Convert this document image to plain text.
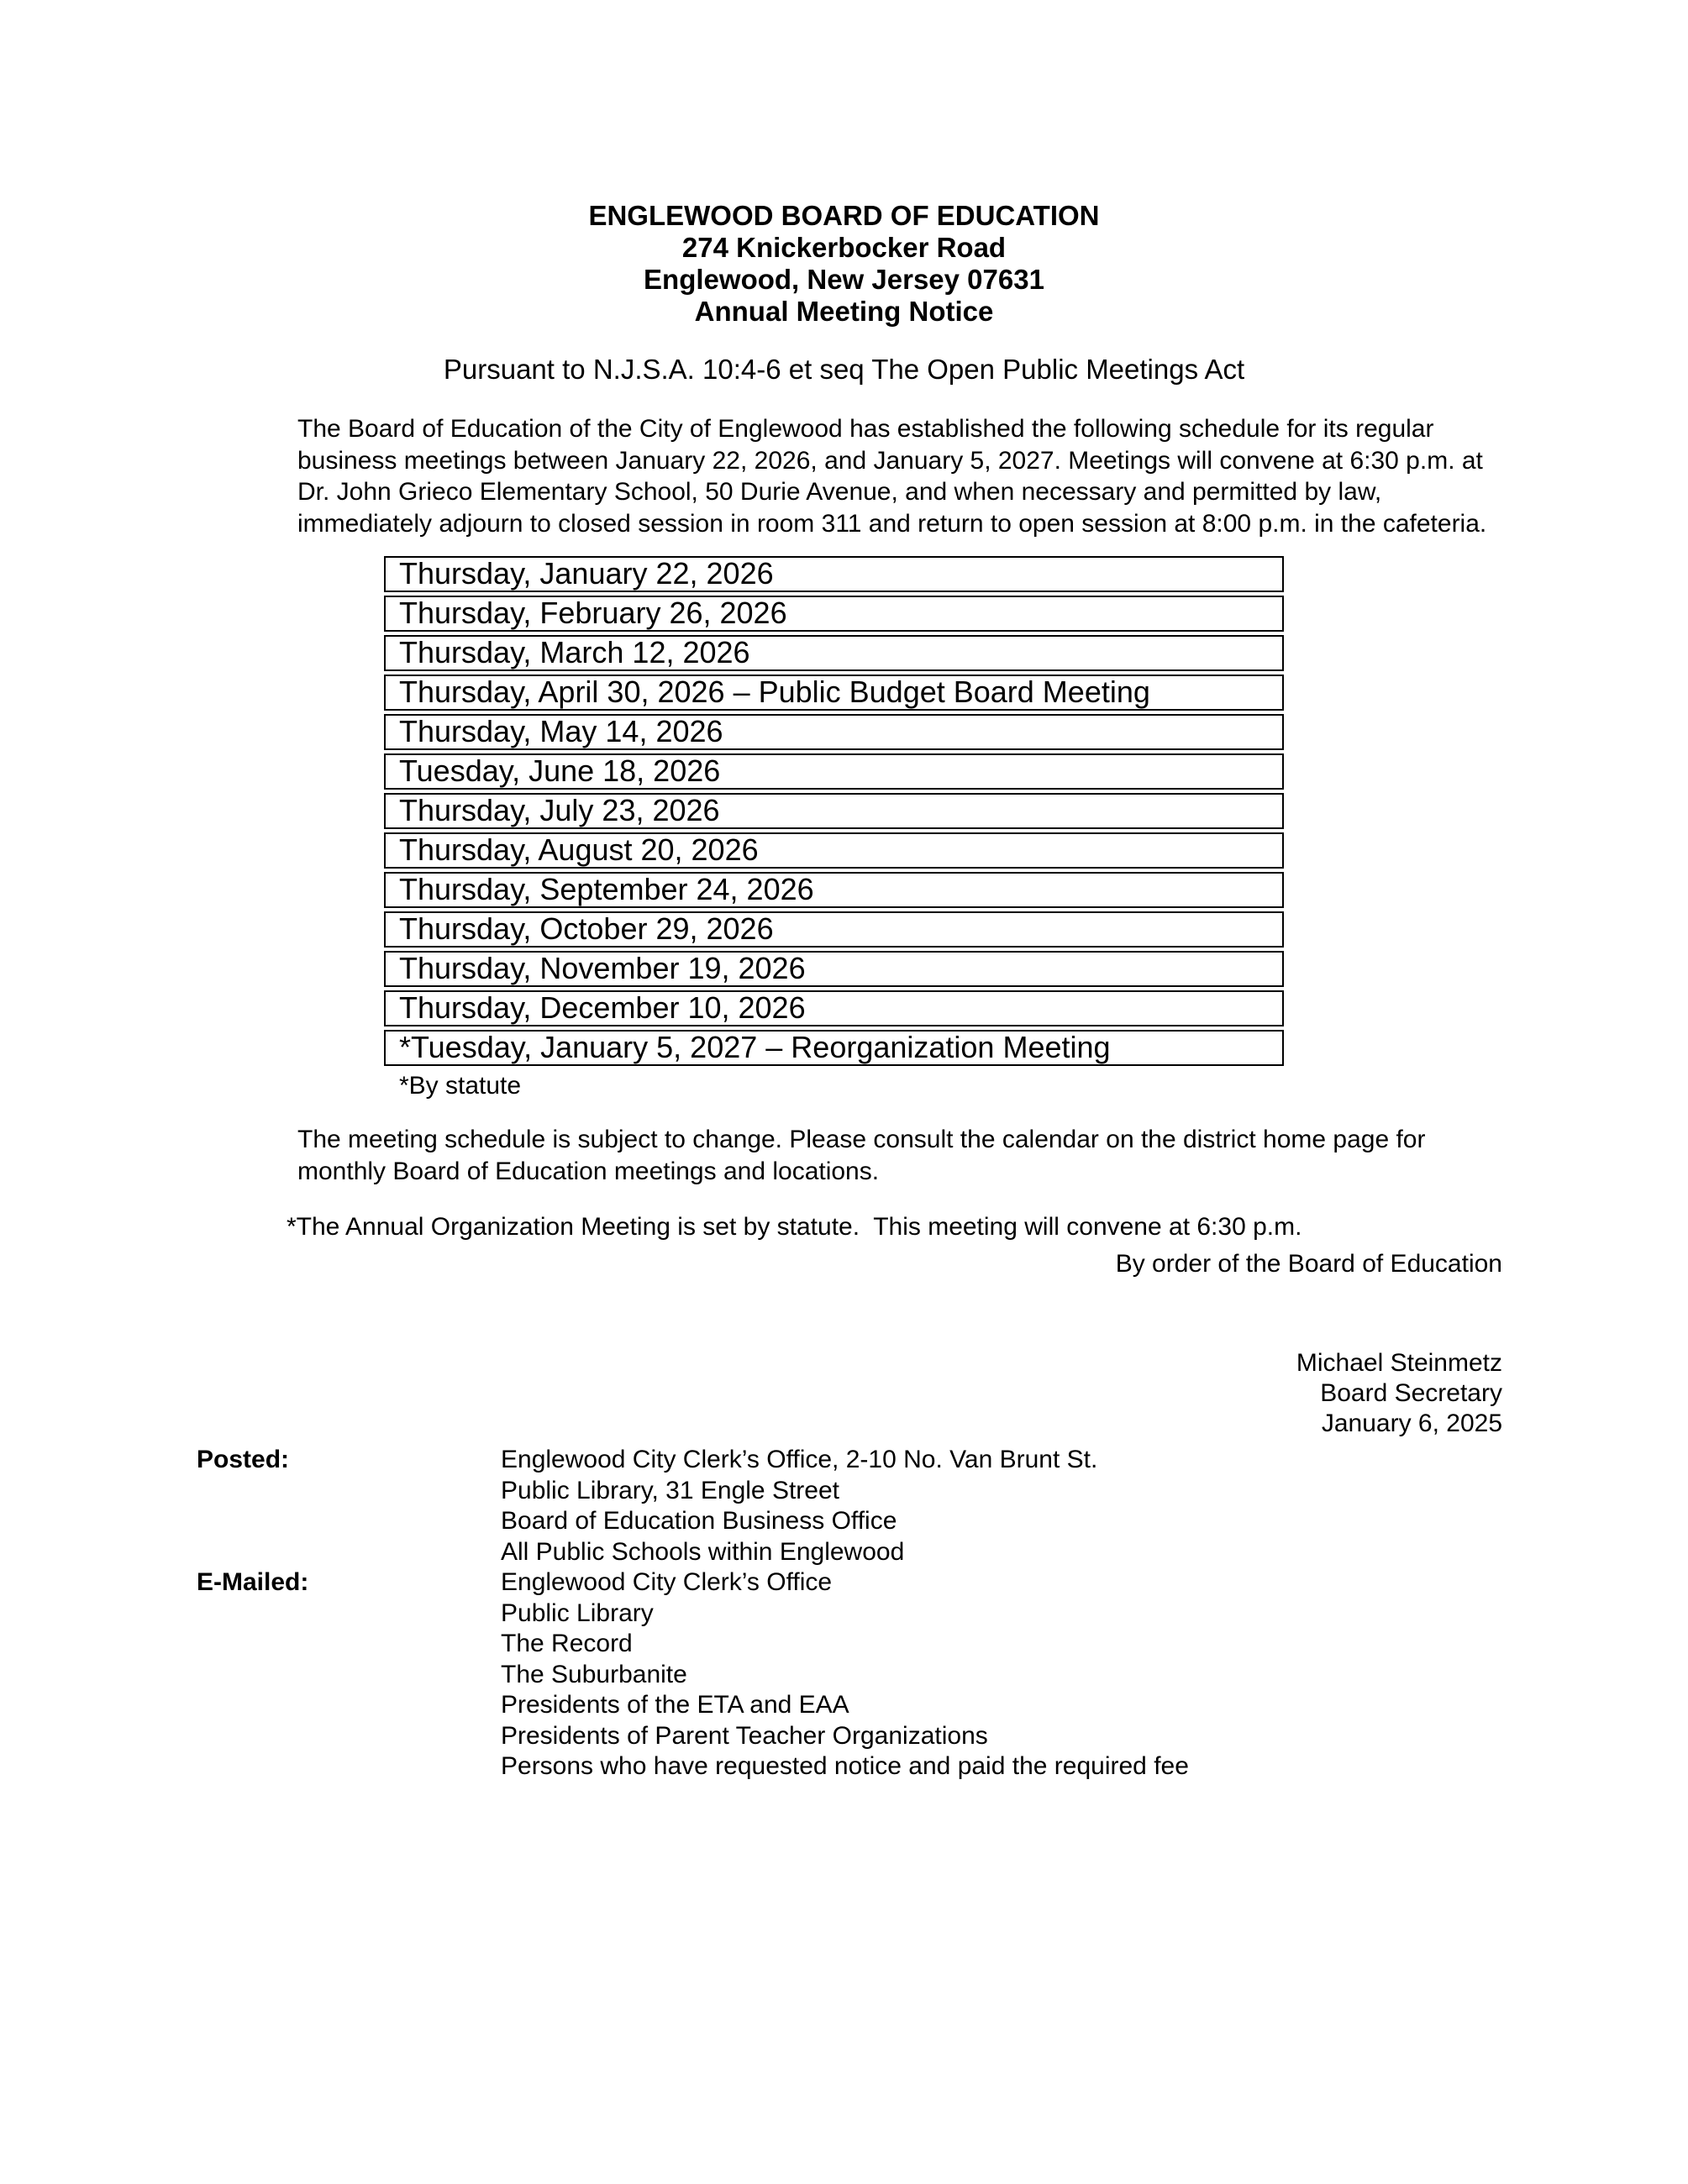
ENGLEWOOD BOARD OF EDUCATION
274 Knickerbocker Road
Englewood, New Jersey 07631
Annual Meeting Notice
Pursuant to N.J.S.A. 10:4-6 et seq The Open Public Meetings Act
The Board of Education of the City of Englewood has established the following schedule for its regular business meetings between January 22, 2026, and January 5, 2027. Meetings will convene at 6:30 p.m. at Dr. John Grieco Elementary School, 50 Durie Avenue, and when necessary and permitted by law, immediately adjourn to closed session in room 311 and return to open session at 8:00 p.m. in the cafeteria.
Thursday, January 22, 2026
Thursday, February 26, 2026
Thursday, March 12, 2026
Thursday, April 30, 2026 – Public Budget Board Meeting
Thursday, May 14, 2026
Tuesday, June 18, 2026
Thursday, July 23, 2026
Thursday, August 20, 2026
Thursday, September 24, 2026
Thursday, October 29, 2026
Thursday, November 19, 2026
Thursday, December 10, 2026
*Tuesday, January 5, 2027 – Reorganization Meeting
*By statute
The meeting schedule is subject to change. Please consult the calendar on the district home page for monthly Board of Education meetings and locations.
*The Annual Organization Meeting is set by statute.  This meeting will convene at 6:30 p.m.
By order of the Board of Education
Michael Steinmetz
Board Secretary
January 6, 2025
Posted:	Englewood City Clerk’s Office, 2-10 No. Van Brunt St.
Public Library, 31 Engle Street
Board of Education Business Office
All Public Schools within Englewood
E-Mailed:	Englewood City Clerk’s Office
Public Library
The Record
The Suburbanite
Presidents of the ETA and EAA
Presidents of Parent Teacher Organizations
Persons who have requested notice and paid the required fee
